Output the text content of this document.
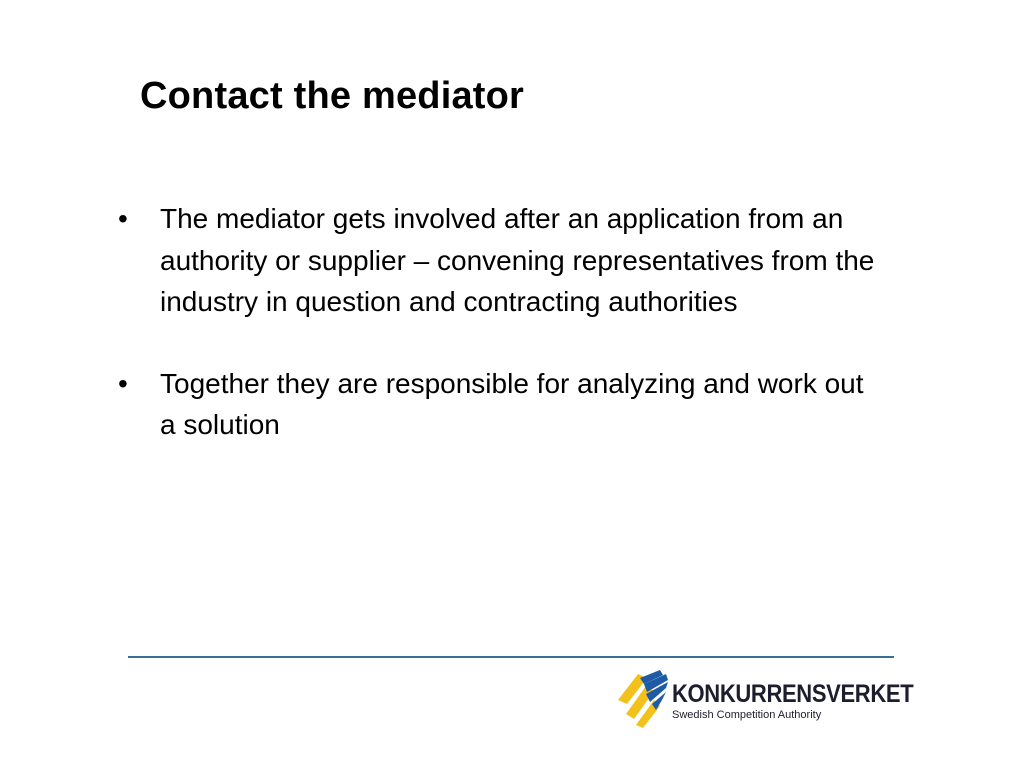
Contact the mediator
• The mediator gets involved after an application from an authority or supplier – convening representatives from the industry in question and contracting authorities
• Together they are responsible for analyzing and work out a solution
KONKURRENSVERKET
Swedish Competition Authority
